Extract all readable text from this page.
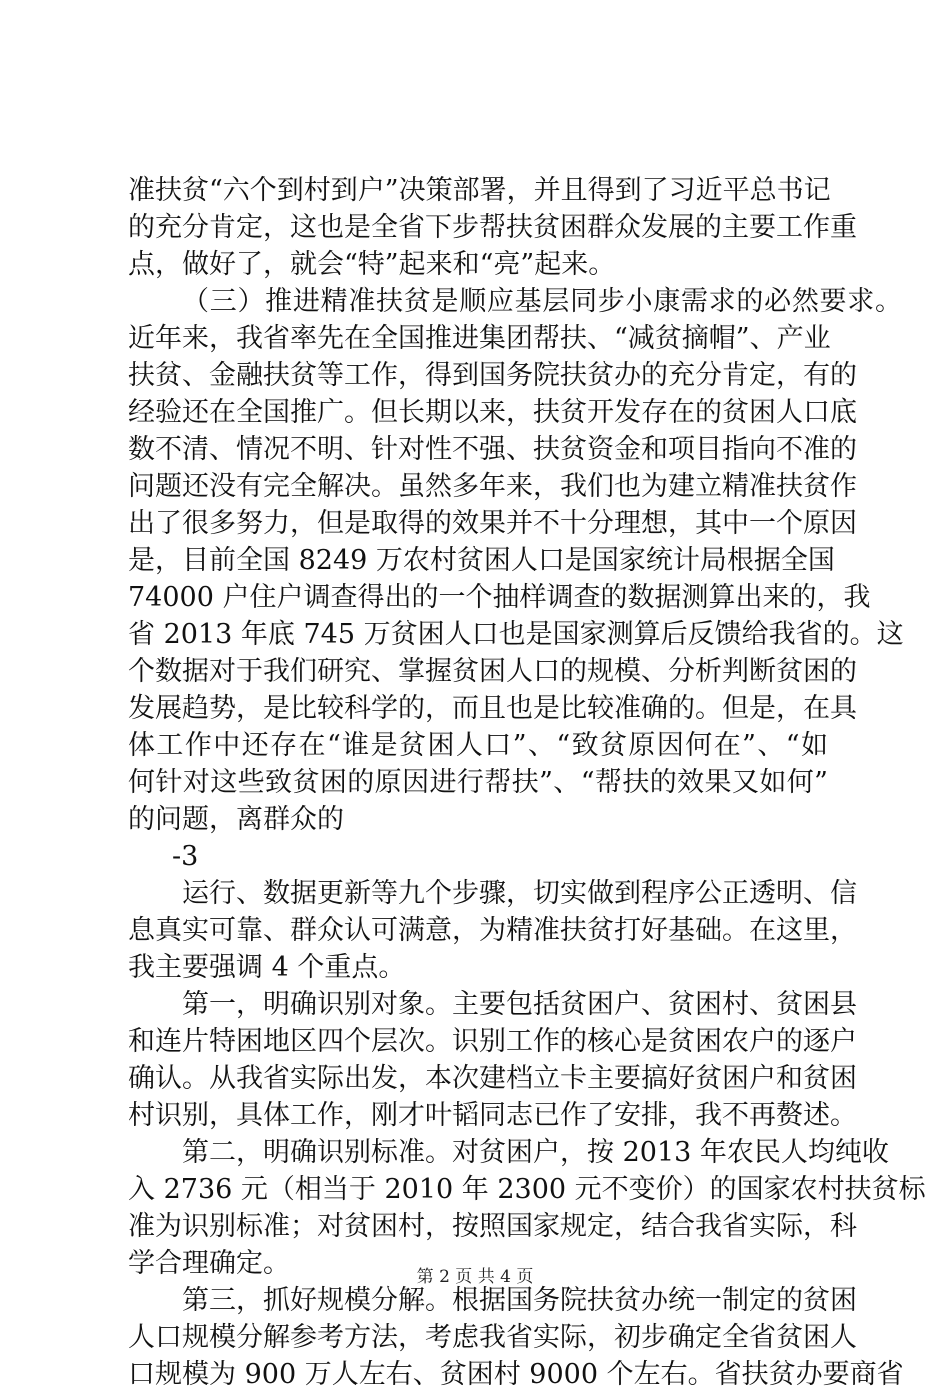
准扶贫“六个到村到户”决策部署，并且得到了习近平总书记
的充分肯定，这也是全省下步帮扶贫困群众发展的主要工作重
点，做好了，就会“特”起来和“亮”起来。
（三）推进精准扶贫是顺应基层同步小康需求的必然要求。
近年来，我省率先在全国推进集团帮扶、“减贫摘帽”、产业
扶贫、金融扶贫等工作，得到国务院扶贫办的充分肯定，有的
经验还在全国推广。但长期以来，扶贫开发存在的贫困人口底
数不清、情况不明、针对性不强、扶贫资金和项目指向不准的
问题还没有完全解决。虽然多年来，我们也为建立精准扶贫作
出了很多努力，但是取得的效果并不十分理想，其中一个原因
是，目前全国 8249 万农村贫困人口是国家统计局根据全国
74000 户住户调查得出的一个抽样调查的数据测算出来的，我
省 2013 年底 745 万贫困人口也是国家测算后反馈给我省的。这
个数据对于我们研究、掌握贫困人口的规模、分析判断贫困的
发展趋势，是比较科学的，而且也是比较准确的。但是，在具
体工作中还存在“谁是贫困人口”、“致贫原因何在”、“如
何针对这些致贫困的原因进行帮扶”、“帮扶的效果又如何”
的问题，离群众的
-3
运行、数据更新等九个步骤，切实做到程序公正透明、信
息真实可靠、群众认可满意，为精准扶贫打好基础。在这里，
我主要强调 4 个重点。
第一，明确识别对象。主要包括贫困户、贫困村、贫困县
和连片特困地区四个层次。识别工作的核心是贫困农户的逐户
确认。从我省实际出发，本次建档立卡主要搞好贫困户和贫困
村识别，具体工作，刚才叶韬同志已作了安排，我不再赘述。
第二，明确识别标准。对贫困户，按 2013 年农民人均纯收
入 2736 元（相当于 2010 年 2300 元不变价）的国家农村扶贫标
准为识别标准；对贫困村，按照国家规定，结合我省实际，科
学合理确定。
第三，抓好规模分解。根据国务院扶贫办统一制定的贫困
人口规模分解参考方法，考虑我省实际，初步确定全省贫困人
口规模为 900 万人左右、贫困村 9000 个左右。省扶贫办要商省
第 2 页 共 4 页
